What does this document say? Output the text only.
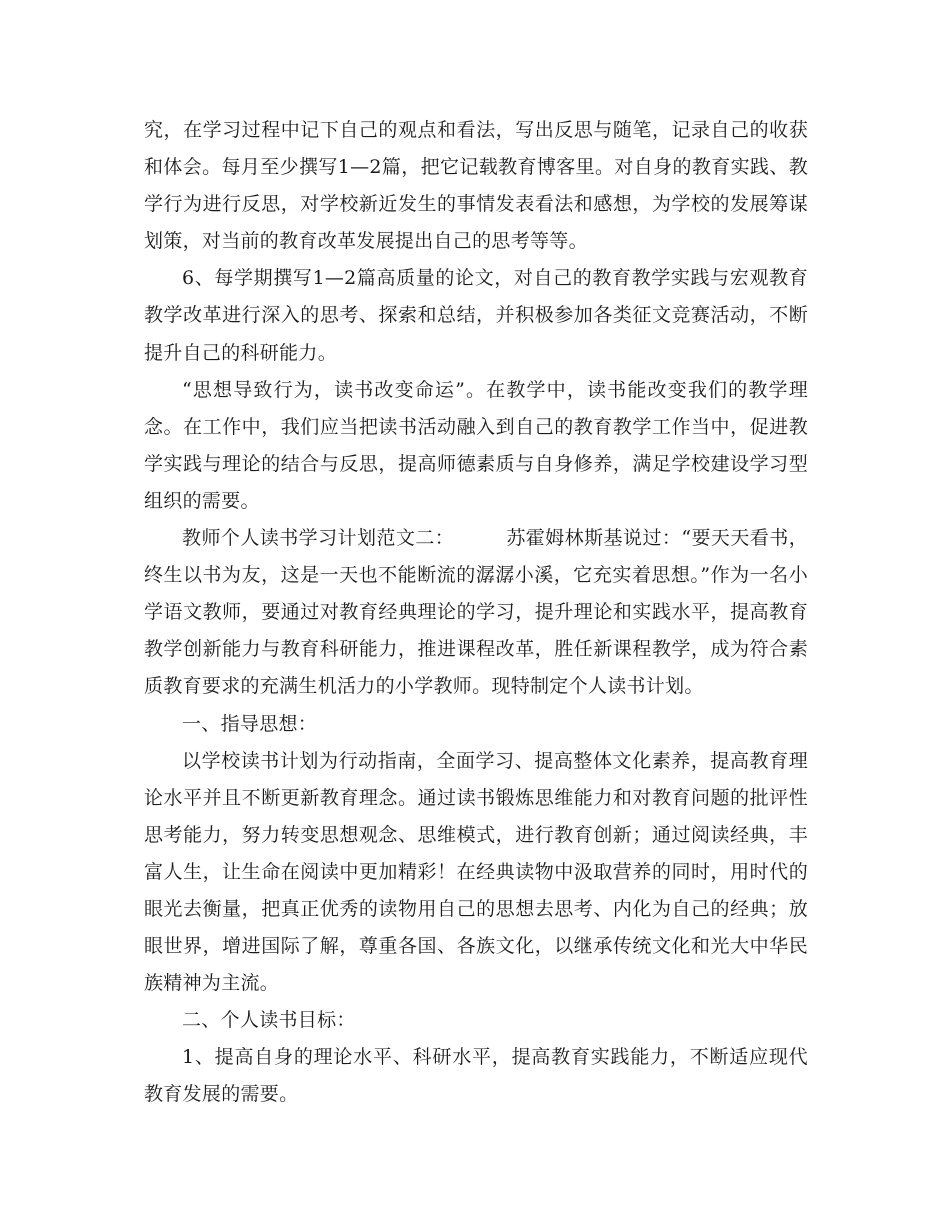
究，在学习过程中记下自己的观点和看法，写出反思与随笔，记录自己的收获和体会。每月至少撰写1—2篇，把它记载教育博客里。对自身的教育实践、教学行为进行反思，对学校新近发生的事情发表看法和感想，为学校的发展筹谋划策，对当前的教育改革发展提出自己的思考等等。

6、每学期撰写1—2篇高质量的论文，对自己的教育教学实践与宏观教育教学改革进行深入的思考、探索和总结，并积极参加各类征文竞赛活动，不断提升自己的科研能力。

“思想导致行为，读书改变命运”。在教学中，读书能改变我们的教学理念。在工作中，我们应当把读书活动融入到自己的教育教学工作当中，促进教学实践与理论的结合与反思，提高师德素质与自身修养，满足学校建设学习型组织的需要。

教师个人读书学习计划范文二：	苏霍姆林斯基说过：“要天天看书，终生以书为友，这是一天也不能断流的潺潺小溪，它充实着思想。”作为一名小学语文教师，要通过对教育经典理论的学习，提升理论和实践水平，提高教育教学创新能力与教育科研能力，推进课程改革，胜任新课程教学，成为符合素质教育要求的充满生机活力的小学教师。现特制定个人读书计划。

一、指导思想：

以学校读书计划为行动指南，全面学习、提高整体文化素养，提高教育理论水平并且不断更新教育理念。通过读书锻炼思维能力和对教育问题的批评性思考能力，努力转变思想观念、思维模式，进行教育创新；通过阅读经典，丰富人生，让生命在阅读中更加精彩！在经典读物中汲取营养的同时，用时代的眼光去衡量，把真正优秀的读物用自己的思想去思考、内化为自己的经典；放眼世界，增进国际了解，尊重各国、各族文化，以继承传统文化和光大中华民族精神为主流。

二、个人读书目标：

1、提高自身的理论水平、科研水平，提高教育实践能力，不断适应现代教育发展的需要。
